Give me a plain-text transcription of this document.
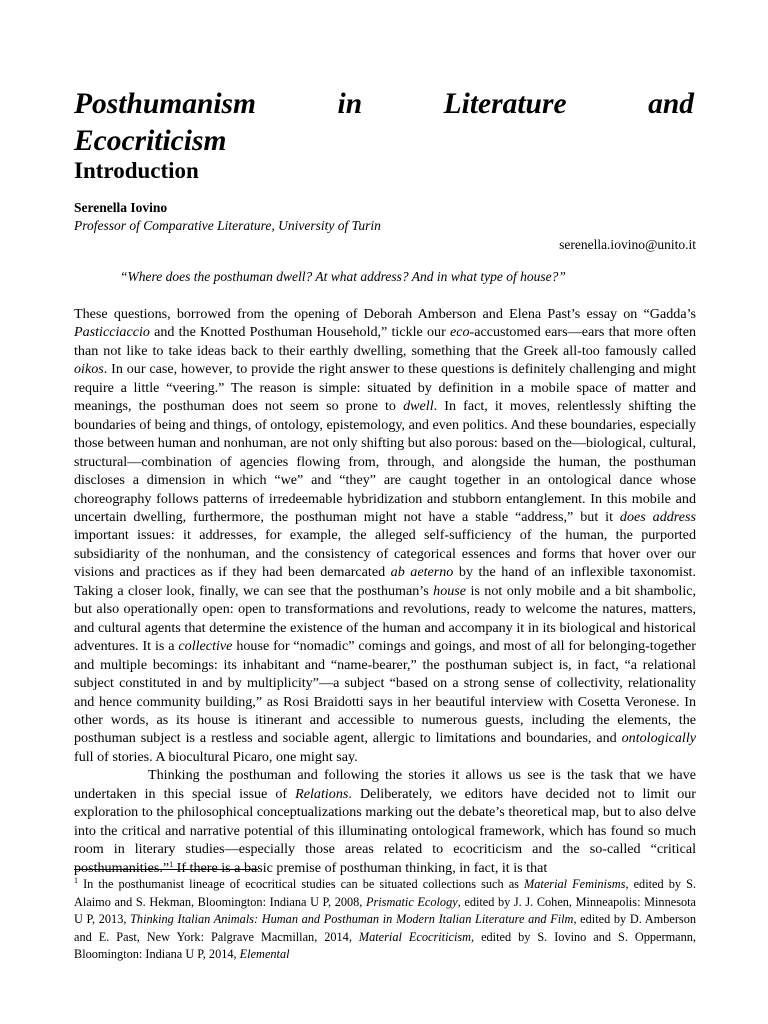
Posthumanism	in	Literature	and
Ecocriticism
Introduction
Serenella Iovino
Professor of Comparative Literature, University of Turin
serenella.iovino@unito.it
“Where does the posthuman dwell? At what address? And in what type of house?”

These questions, borrowed from the opening of Deborah Amberson and Elena Past’s essay on “Gadda’s Pasticciaccio and the Knotted Posthuman Household,” tickle our eco-accustomed ears—ears that more often than not like to take ideas back to their earthly dwelling, something that the Greek all-too famously called oikos. In our case, however, to provide the right answer to these questions is definitely challenging and might require a little “veering.” The reason is simple: situated by definition in a mobile space of matter and meanings, the posthuman does not seem so prone to dwell. In fact, it moves, relentlessly shifting the boundaries of being and things, of ontology, epistemology, and even politics. And these boundaries, especially those between human and nonhuman, are not only shifting but also porous: based on the—biological, cultural, structural—combination of agencies flowing from, through, and alongside the human, the posthuman discloses a dimension in which “we” and “they” are caught together in an ontological dance whose choreography follows patterns of irredeemable hybridization and stubborn entanglement. In this mobile and uncertain dwelling, furthermore, the posthuman might not have a stable “address,” but it does address important issues: it addresses, for example, the alleged self-sufficiency of the human, the purported subsidiarity of the nonhuman, and the consistency of categorical essences and forms that hover over our visions and practices as if they had been demarcated ab aeterno by the hand of an inflexible taxonomist. Taking a closer look, finally, we can see that the posthuman’s house is not only mobile and a bit shambolic, but also operationally open: open to transformations and revolutions, ready to welcome the natures, matters, and cultural agents that determine the existence of the human and accompany it in its biological and historical adventures. It is a collective house for “nomadic” comings and goings, and most of all for belonging-together and multiple becomings: its inhabitant and “name-bearer,” the posthuman subject is, in fact, “a relational subject constituted in and by multiplicity”—a subject “based on a strong sense of collectivity, relationality and hence community building,” as Rosi Braidotti says in her beautiful interview with Cosetta Veronese. In other words, as its house is itinerant and accessible to numerous guests, including the elements, the posthuman subject is a restless and sociable agent, allergic to limitations and boundaries, and ontologically full of stories. A biocultural Picaro, one might say.

Thinking the posthuman and following the stories it allows us see is the task that we have undertaken in this special issue of Relations. Deliberately, we editors have decided not to limit our exploration to the philosophical conceptualizations marking out the debate’s theoretical map, but to also delve into the critical and narrative potential of this illuminating ontological framework, which has found so much room in literary studies—especially those areas related to ecocriticism and the so-called “critical posthumanities.”$^1$ If there is a basic premise of posthuman thinking, in fact, it is that

$^1$ In the posthumanist lineage of ecocritical studies can be situated collections such as Material Feminisms, edited by S. Alaimo and S. Hekman, Bloomington: Indiana U P, 2008, Prismatic Ecology, edited by J. J. Cohen, Minneapolis: Minnesota U P, 2013, Thinking Italian Animals: Human and Posthuman in Modern Italian Literature and Film, edited by D. Amberson and E. Past, New York: Palgrave Macmillan, 2014, Material Ecocriticism, edited by S. Iovino and S. Oppermann, Bloomington: Indiana U P, 2014, Elemental
